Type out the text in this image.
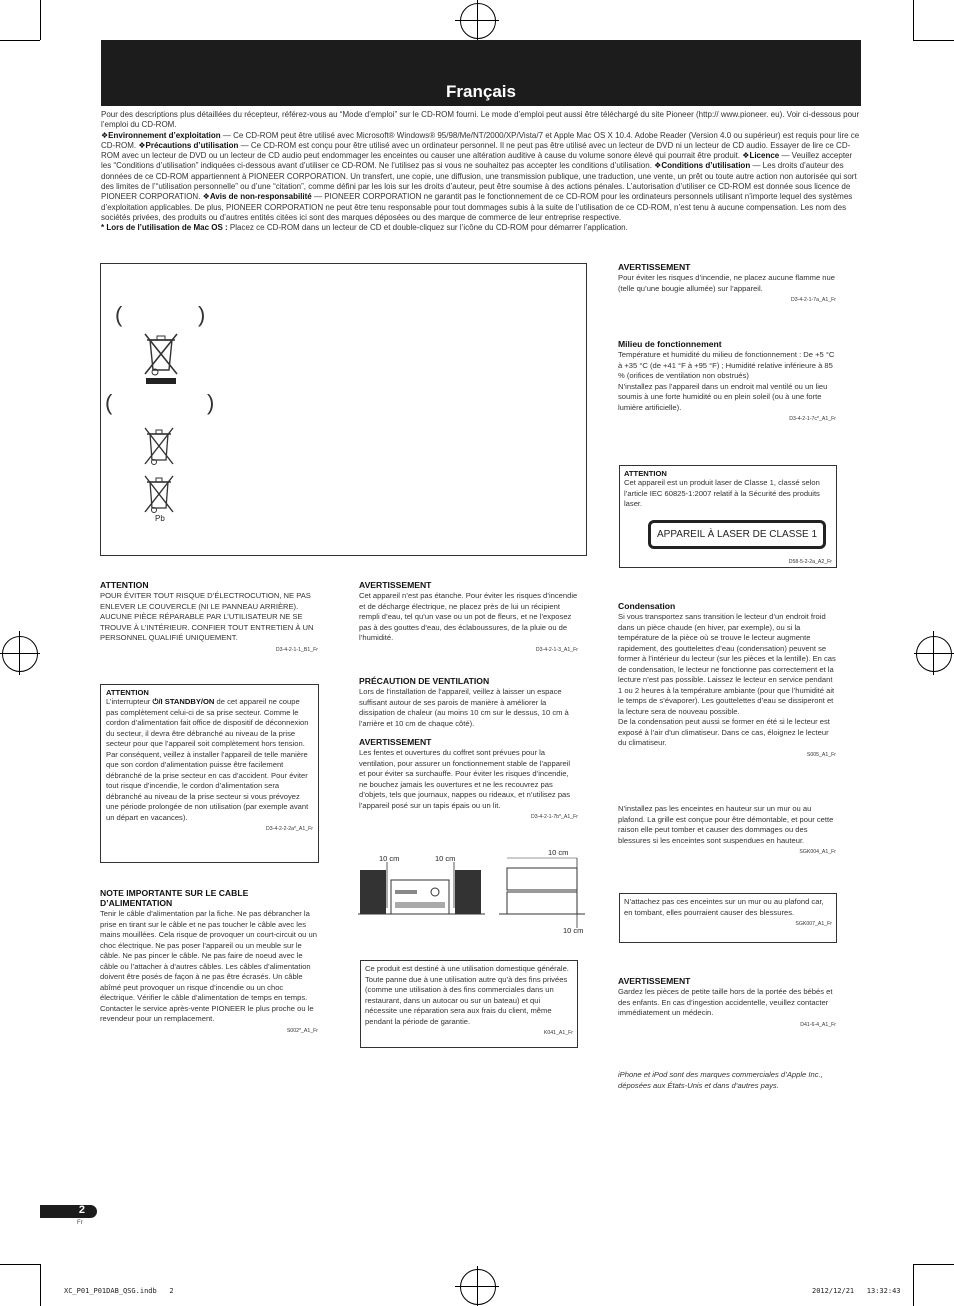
Français
Pour des descriptions plus détaillées du récepteur, référez-vous au “Mode d’emploi” sur le CD-ROM fourni. Le mode d’emploi peut aussi être téléchargé du site Pioneer (http:// www.pioneer. eu). Voir ci-dessous pour l’emploi du CD-ROM.
❖Environnement d’exploitation — Ce CD-ROM peut être utilisé avec Microsoft® Windows® 95/98/Me/NT/2000/XP/Vista/7 et Apple Mac OS X 10.4. Adobe Reader (Version 4.0 ou supérieur) est requis pour lire ce CD-ROM. ❖Précautions d’utilisation — Ce CD-ROM est conçu pour être utilisé avec un ordinateur personnel. Il ne peut pas être utilisé avec un lecteur de DVD ni un lecteur de CD audio. Essayer de lire ce CD-ROM avec un lecteur de DVD ou un lecteur de CD audio peut endommager les enceintes ou causer une altération auditive à cause du volume sonore élevé qui pourrait être produit. ❖Licence — Veuillez accepter les “Conditions d’utilisation” indiquées ci-dessous avant d’utiliser ce CD-ROM. Ne l’utilisez pas si vous ne souhaitez pas accepter les conditions d’utilisation. ❖Conditions d’utilisation — Les droits d’auteur des données de ce CD-ROM appartiennent à PIONEER CORPORATION. Un transfert, une copie, une diffusion, une transmission publique, une traduction, une vente, un prêt ou toute autre action non autorisée qui sort des limites de l’“utilisation personnelle” ou d’une “citation”, comme défini par les lois sur les droits d’auteur, peut être soumise à des actions pénales. L’autorisation d’utiliser ce CD-ROM est donnée sous licence de PIONEER CORPORATION. ❖Avis de non-responsabilité — PIONEER CORPORATION ne garantit pas le fonctionnement de ce CD-ROM pour les ordinateurs personnels utilisant n’importe lequel des systèmes d’exploitation applicables. De plus, PIONEER CORPORATION ne peut être tenu responsable pour tout dommages subis à la suite de l’utilisation de ce CD-ROM, n’est tenu à aucune compensation. Les nom des sociétés privées, des produits ou d’autres entités citées ici sont des marques déposées ou des marque de commerce de leur entreprise respective.
* Lors de l’utilisation de Mac OS : Placez ce CD-ROM dans un lecteur de CD et double-cliquez sur l’icône du CD-ROM pour démarrer l’application.
(	)
(	)
Pb
ATTENTION

POUR ÉVITER TOUT RISQUE D’ÉLECTROCUTION, NE PAS ENLEVER LE COUVERCLE (NI LE PANNEAU ARRIÈRE). AUCUNE PIÈCE RÉPARABLE PAR L’UTILISATEUR NE SE TROUVE À L’INTÉRIEUR. CONFIER TOUT ENTRETIEN À UN PERSONNEL QUALIFIÉ UNIQUEMENT.

D3-4-2-1-1_B1_Fr
ATTENTION

L’interrupteur ⏻/I STANDBY/ON de cet appareil ne coupe pas complètement celui-ci de sa prise secteur. Comme le cordon d’alimentation fait office de dispositif de déconnexion du secteur, il devra être débranché au niveau de la prise secteur pour que l’appareil soit complètement hors tension. Par conséquent, veillez à installer l’appareil de telle manière que son cordon d’alimentation puisse être facilement débranché de la prise secteur en cas d’accident. Pour éviter tout risque d’incendie, le cordon d’alimentation sera débranché au niveau de la prise secteur si vous prévoyez une période prolongée de non utilisation (par exemple avant un départ en vacances).

D3-4-2-2-2a*_A1_Fr
NOTE IMPORTANTE SUR LE CABLE D’ALIMENTATION

Tenir le câble d’alimentation par la fiche. Ne pas débrancher la prise en tirant sur le câble et ne pas toucher le câble avec les mains mouillées. Cela risque de provoquer un court-circuit ou un choc électrique. Ne pas poser l’appareil ou un meuble sur le câble. Ne pas pincer le câble. Ne pas faire de noeud avec le câble ou l’attacher à d’autres câbles. Les câbles d’alimentation doivent être posés de façon à ne pas être écrasés. Un câble abîmé peut provoquer un risque d’incendie ou un choc électrique. Vérifier le câble d’alimentation de temps en temps. Contacter le service après-vente PIONEER le plus proche ou le revendeur pour un remplacement.

S002*_A1_Fr
AVERTISSEMENT

Cet appareil n’est pas étanche. Pour éviter les risques d’incendie et de décharge électrique, ne placez près de lui un récipient rempli d’eau, tel qu’un vase ou un pot de fleurs, et ne l’exposez pas à des gouttes d’eau, des éclaboussures, de la pluie ou de l’humidité.

D3-4-2-1-3_A1_Fr
PRÉCAUTION DE VENTILATION

Lors de l’installation de l’appareil, veillez à laisser un espace suffisant autour de ses parois de manière à améliorer la dissipation de chaleur (au moins 10 cm sur le dessus, 10 cm à l’arrière et 10 cm de chaque côté).

AVERTISSEMENT

Les fentes et ouvertures du coffret sont prévues pour la ventilation, pour assurer un fonctionnement stable de l’appareil et pour éviter sa surchauffe. Pour éviter les risques d’incendie, ne bouchez jamais les ouvertures et ne les recouvrez pas d’objets, tels que journaux, nappes ou rideaux, et n’utilisez pas l’appareil posé sur un tapis épais ou un lit.

D3-4-2-1-7b*_A1_Fr
10 cm	10 cm
10 cm
10 cm

Ce produit est destiné à une utilisation domestique générale. Toute panne due à une utilisation autre qu’à des fins privées (comme une utilisation à des fins commerciales dans un restaurant, dans un autocar ou sur un bateau) et qui nécessite une réparation sera aux frais du client, même pendant la période de garantie.

K041_A1_Fr
AVERTISSEMENT

Pour éviter les risques d’incendie, ne placez aucune flamme nue (telle qu’une bougie allumée) sur l’appareil.

D3-4-2-1-7a_A1_Fr
Milieu de fonctionnement

Température et humidité du milieu de fonctionnement : De +5 °C à +35 °C (de +41 °F à +95 °F) ; Humidité relative inférieure à 85 % (orifices de ventilation non obstrués)
N’installez pas l’appareil dans un endroit mal ventilé ou un lieu soumis à une forte humidité ou en plein soleil (ou à une forte lumière artificielle).

D3-4-2-1-7c*_A1_Fr
ATTENTION

Cet appareil est un produit laser de Classe 1, classé selon l’article IEC 60825-1:2007 relatif à la Sécurité des produits laser.

APPAREIL À LASER DE CLASSE 1
D58-5-2-2a_A2_Fr
Condensation

Si vous transportez sans transition le lecteur d’un endroit froid dans un pièce chaude (en hiver, par exemple), ou si la température de la pièce où se trouve le lecteur augmente rapidement, des gouttelettes d’eau (condensation) peuvent se former à l’intérieur du lecteur (sur les pièces et la lentille). En cas de condensation, le lecteur ne fonctionne pas correctement et la lecture n’est pas possible. Laissez le lecteur en service pendant 1 ou 2 heures à la température ambiante (pour que l’humidité ait le temps de s’évaporer). Les gouttelettes d’eau se dissiperont et la lecture sera de nouveau possible.
De la condensation peut aussi se former en été si le lecteur est exposé à l’air d’un climatiseur. Dans ce cas, éloignez le lecteur du climatiseur.

S005_A1_Fr

N’installez pas les enceintes en hauteur sur un mur ou au plafond. La grille est conçue pour être démontable, et pour cette raison elle peut tomber et causer des dommages ou des blessures si les enceintes sont suspendues en hauteur.

SGK004_A1_Fr

N’attachez pas ces enceintes sur un mur ou au plafond car, en tombant, elles pourraient causer des blessures.

SGK007_A1_Fr
AVERTISSEMENT

Gardez les pièces de petite taille hors de la portée des bébés et des enfants. En cas d’ingestion accidentelle, veuillez contacter immédiatement un médecin.

D41-6-4_A1_Fr

iPhone et iPod sont des marques commerciales d’Apple Inc., déposées aux États-Unis et dans d’autres pays.

2
Fr
XC_P01_P01DAB_QSG.indb   2	2012/12/21   13:32:43
